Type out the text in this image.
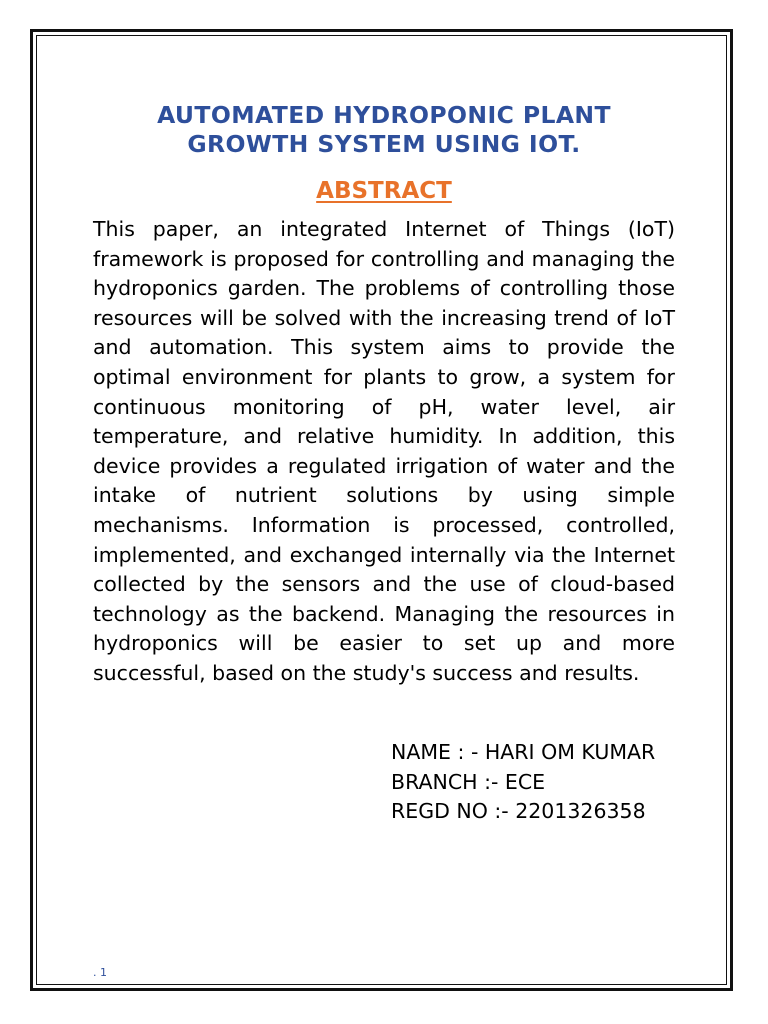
AUTOMATED HYDROPONIC PLANT
GROWTH SYSTEM USING IOT.
ABSTRACT

This paper, an integrated Internet of Things (IoT) framework is proposed for controlling and managing the hydroponics garden. The problems of controlling those resources will be solved with the increasing trend of IoT and automation. This system aims to provide the optimal environment for plants to grow, a system for continuous monitoring of pH, water level, air temperature, and relative humidity. In addition, this device provides a regulated irrigation of water and the intake of nutrient solutions by using simple mechanisms. Information is processed, controlled, implemented, and exchanged internally via the Internet collected by the sensors and the use of cloud-based technology as the backend. Managing the resources in hydroponics will be easier to set up and more successful, based on the study's success and results.

NAME : - HARI OM KUMAR
BRANCH :- ECE
REGD NO :- 2201326358
. 1
